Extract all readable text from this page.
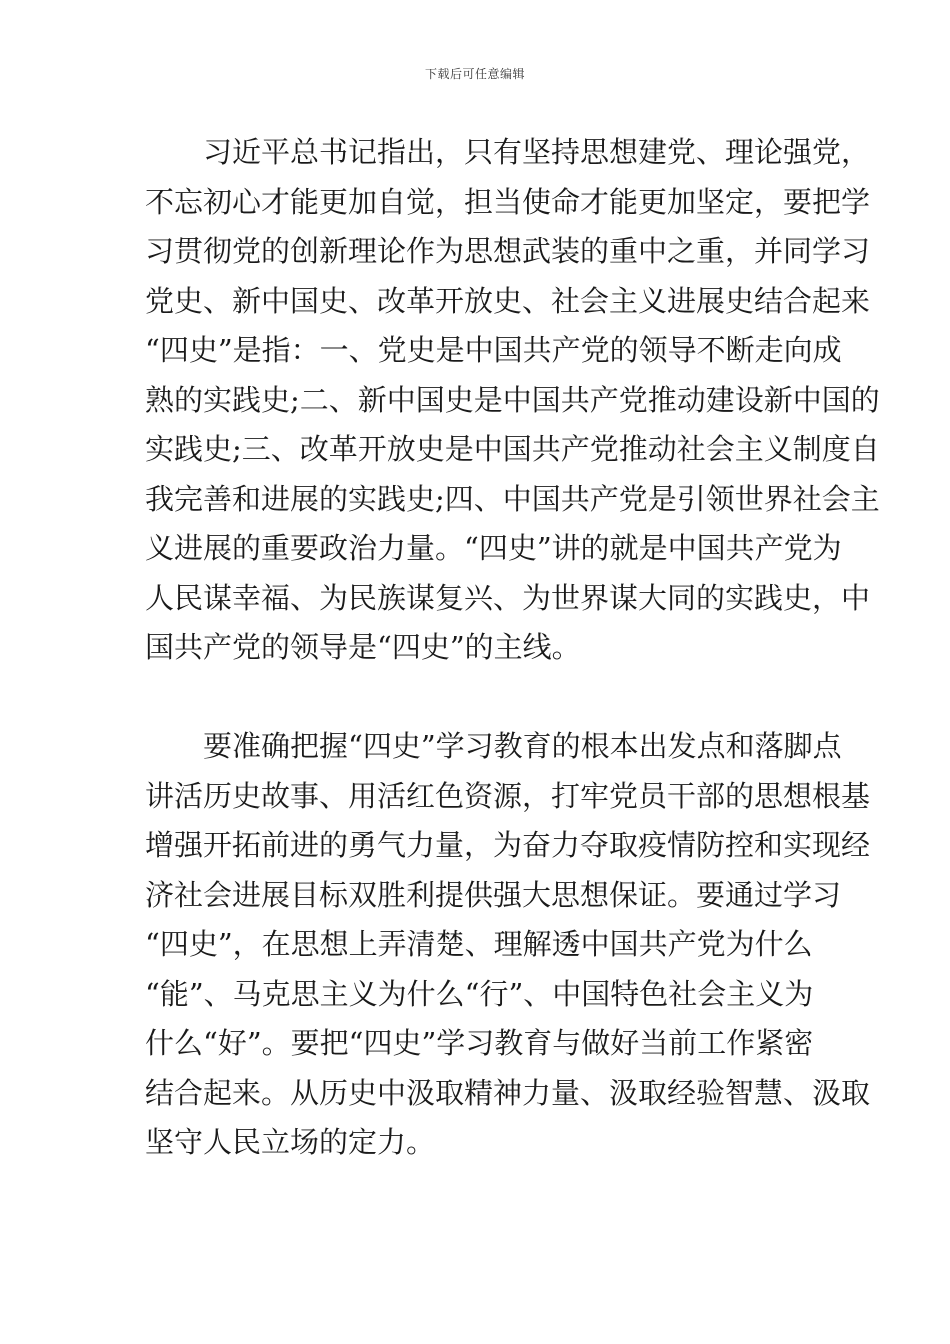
下载后可任意编辑
　　习近平总书记指出，只有坚持思想建党、理论强党，
不忘初心才能更加自觉，担当使命才能更加坚定，要把学
习贯彻党的创新理论作为思想武装的重中之重，并同学习
党史、新中国史、改革开放史、社会主义进展史结合起来
“四史”是指：一、党史是中国共产党的领导不断走向成
熟的实践史;二、新中国史是中国共产党推动建设新中国的
实践史;三、改革开放史是中国共产党推动社会主义制度自
我完善和进展的实践史;四、中国共产党是引领世界社会主
义进展的重要政治力量。“四史”讲的就是中国共产党为
人民谋幸福、为民族谋复兴、为世界谋大同的实践史，中
国共产党的领导是“四史”的主线。
　　要准确把握“四史”学习教育的根本出发点和落脚点
讲活历史故事、用活红色资源，打牢党员干部的思想根基
增强开拓前进的勇气力量，为奋力夺取疫情防控和实现经
济社会进展目标双胜利提供强大思想保证。要通过学习
“四史”，在思想上弄清楚、理解透中国共产党为什么
“能”、马克思主义为什么“行”、中国特色社会主义为
什么“好”。要把“四史”学习教育与做好当前工作紧密
结合起来。从历史中汲取精神力量、汲取经验智慧、汲取
坚守人民立场的定力。
